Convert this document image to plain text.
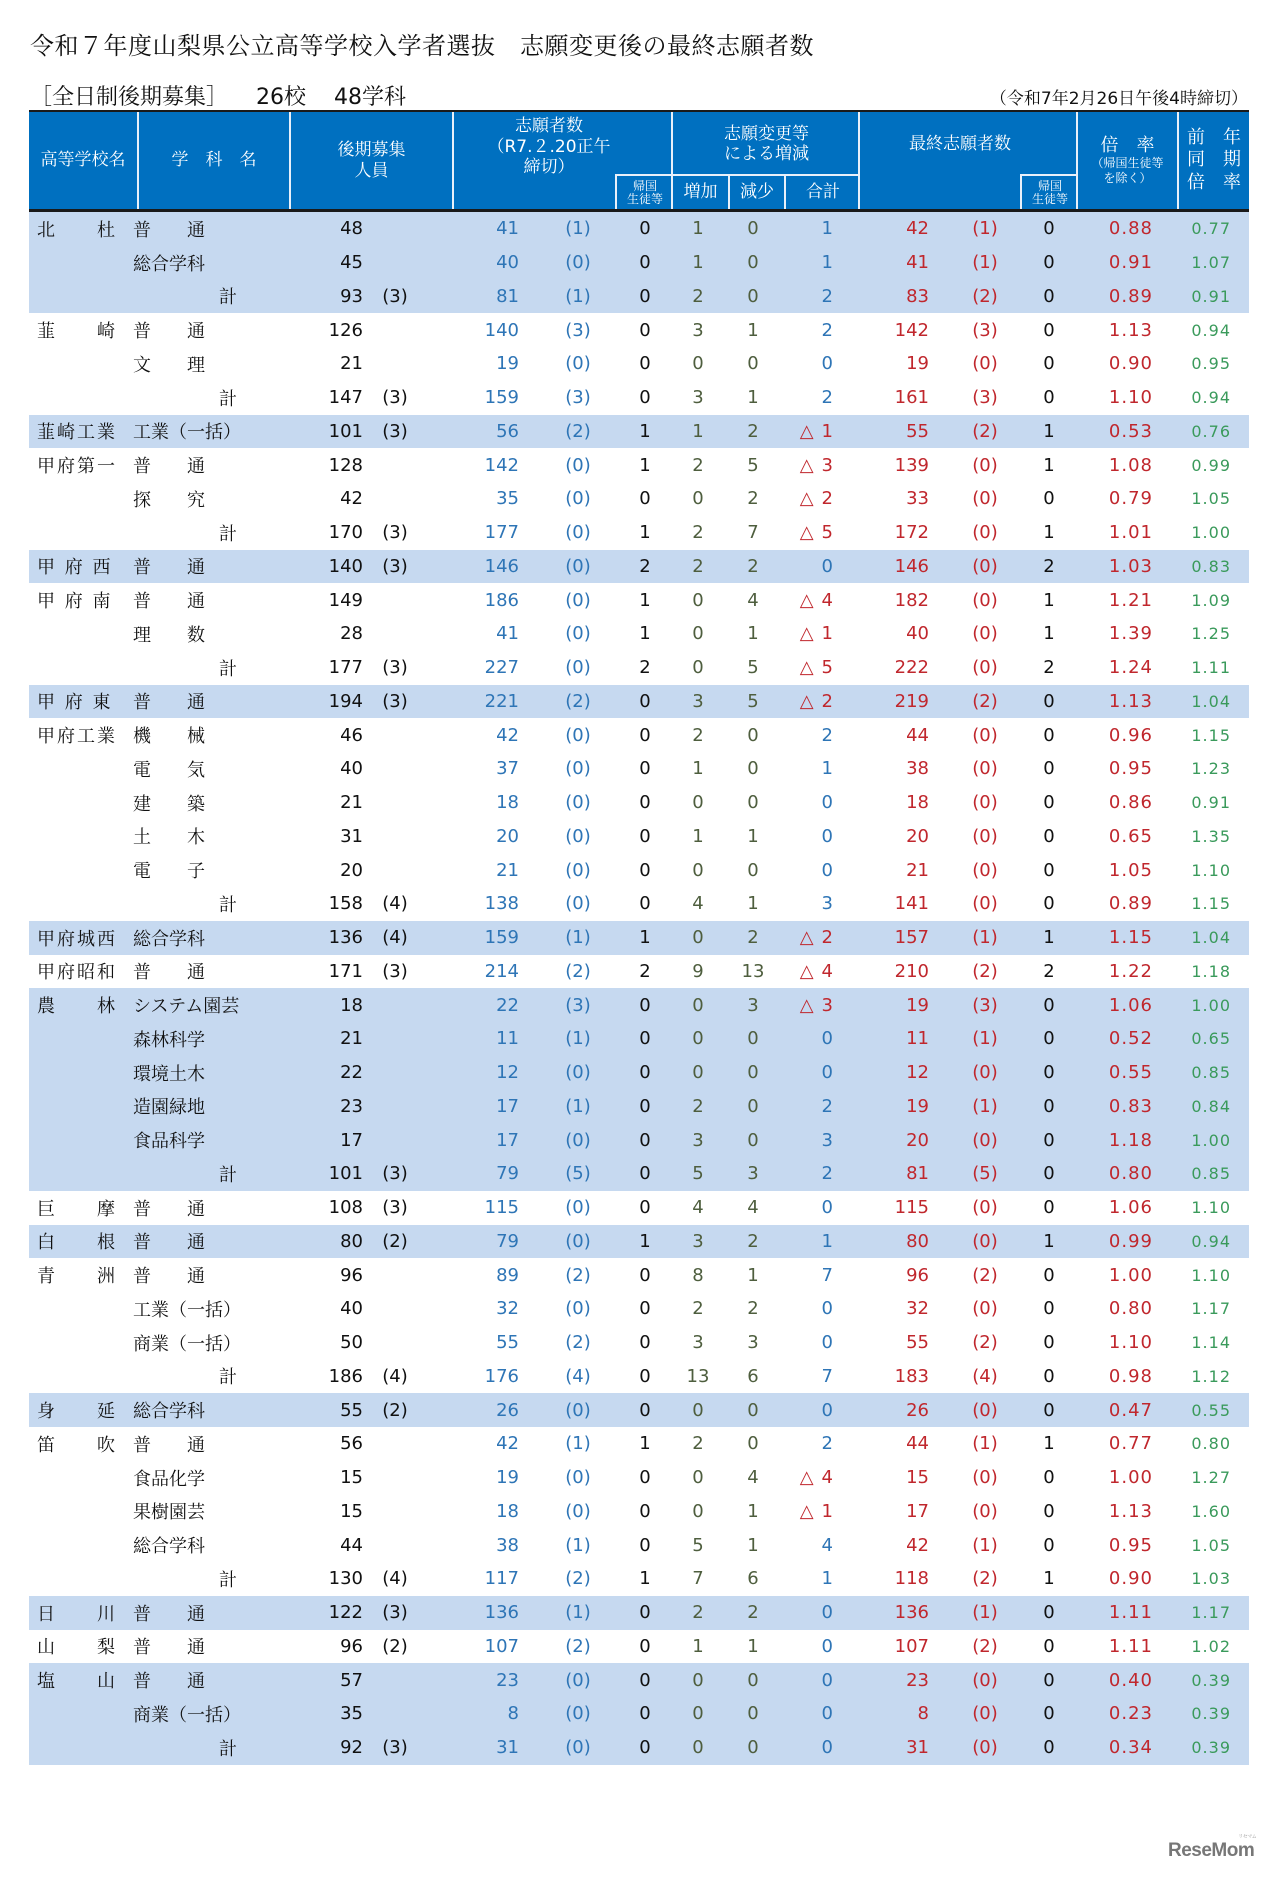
令和７年度山梨県公立高等学校入学者選抜　志願変更後の最終志願者数
［全日制後期募集］ 26校 48学科	（令和7年2月26日午後4時締切）
高等学校名	学　科　名
後期募集
人員
志願者数
（R7.２.20正午
締切）
帰国
生徒等
志願変更等
による増減
増加	減少	合計
最終志願者数
帰国
生徒等
倍　率
（帰国生徒等
を除く）
前　年
同　期
倍　率
北　　杜 普　　通	48	41	(1)	0	1	0	1	42	(1)	0	0.88	0.77
総合学科	45	40	(0)	0	1	0	1	41	(1)	0	0.91	1.07
計	93	(3)	81	(1)	0	2	0	2	83	(2)	0	0.89	0.91
韮　　崎 普　　通	126	140	(3)	0	3	1	2	142	(3)	0	1.13	0.94
文　　理	21	19	(0)	0	0	0	0	19	(0)	0	0.90	0.95
計	147	(3)	159	(3)	0	3	1	2	161	(3)	0	1.10	0.94
韮崎工業 工業（一括）	101	(3)	56	(2)	1	1	2	△ 1	55	(2)	1	0.53	0.76
甲府第一 普　　通	128	142	(0)	1	2	5	△ 3	139	(0)	1	1.08	0.99
探　　究	42	35	(0)	0	0	2	△ 2	33	(0)	0	0.79	1.05
計	170	(3)	177	(0)	1	2	7	△ 5	172	(0)	1	1.01	1.00
甲 府 西	普　　通	140	(3)	146	(0)	2	2	2	0	146	(0)	2	1.03	0.83
甲 府 南	普　　通	149	186	(0)	1	0	4	△ 4	182	(0)	1	1.21	1.09
理　　数	28	41	(0)	1	0	1	△ 1	40	(0)	1	1.39	1.25
計	177	(3)	227	(0)	2	0	5	△ 5	222	(0)	2	1.24	1.11
甲 府 東	普　　通	194	(3)	221	(2)	0	3	5	△ 2	219	(2)	0	1.13	1.04
甲府工業 機　　械	46	42	(0)	0	2	0	2	44	(0)	0	0.96	1.15
電　　気	40	37	(0)	0	1	0	1	38	(0)	0	0.95	1.23
建　　築	21	18	(0)	0	0	0	0	18	(0)	0	0.86	0.91
土　　木	31	20	(0)	0	1	1	0	20	(0)	0	0.65	1.35
電　　子	20	21	(0)	0	0	0	0	21	(0)	0	1.05	1.10
計	158	(4)	138	(0)	0	4	1	3	141	(0)	0	0.89	1.15
甲府城西 総合学科	136	(4)	159	(1)	1	0	2	△ 2	157	(1)	1	1.15	1.04
甲府昭和 普　　通	171	(3)	214	(2)	2	9	13	△ 4	210	(2)	2	1.22	1.18
農　　林 システム園芸	18	22	(3)	0	0	3	△ 3	19	(3)	0	1.06	1.00
森林科学	21	11	(1)	0	0	0	0	11	(1)	0	0.52	0.65
環境土木	22	12	(0)	0	0	0	0	12	(0)	0	0.55	0.85
造園緑地	23	17	(1)	0	2	0	2	19	(1)	0	0.83	0.84
食品科学	17	17	(0)	0	3	0	3	20	(0)	0	1.18	1.00
計	101	(3)	79	(5)	0	5	3	2	81	(5)	0	0.80	0.85
巨　　摩 普　　通	108	(3)	115	(0)	0	4	4	0	115	(0)	0	1.06	1.10
白　　根 普　　通	80	(2)	79	(0)	1	3	2	1	80	(0)	1	0.99	0.94
青　　洲 普　　通	96	89	(2)	0	8	1	7	96	(2)	0	1.00	1.10
工業（一括）	40	32	(0)	0	2	2	0	32	(0)	0	0.80	1.17
商業（一括）	50	55	(2)	0	3	3	0	55	(2)	0	1.10	1.14
計	186	(4)	176	(4)	0	13	6	7	183	(4)	0	0.98	1.12
身　　延 総合学科	55	(2)	26	(0)	0	0	0	0	26	(0)	0	0.47	0.55
笛　　吹 普　　通	56	42	(1)	1	2	0	2	44	(1)	1	0.77	0.80
食品化学	15	19	(0)	0	0	4	△ 4	15	(0)	0	1.00	1.27
果樹園芸	15	18	(0)	0	0	1	△ 1	17	(0)	0	1.13	1.60
総合学科	44	38	(1)	0	5	1	4	42	(1)	0	0.95	1.05
計	130	(4)	117	(2)	1	7	6	1	118	(2)	1	0.90	1.03
日　　川 普　　通	122	(3)	136	(1)	0	2	2	0	136	(1)	0	1.11	1.17
山　　梨 普　　通	96	(2)	107	(2)	0	1	1	0	107	(2)	0	1.11	1.02
塩　　山 普　　通	57	23	(0)	0	0	0	0	23	(0)	0	0.40	0.39
商業（一括）	35	8	(0)	0	0	0	0	8	(0)	0	0.23	0.39
計	92	(3)	31	(0)	0	0	0	0	31	(0)	0	0.34	0.39
ReseMom
リセマム
